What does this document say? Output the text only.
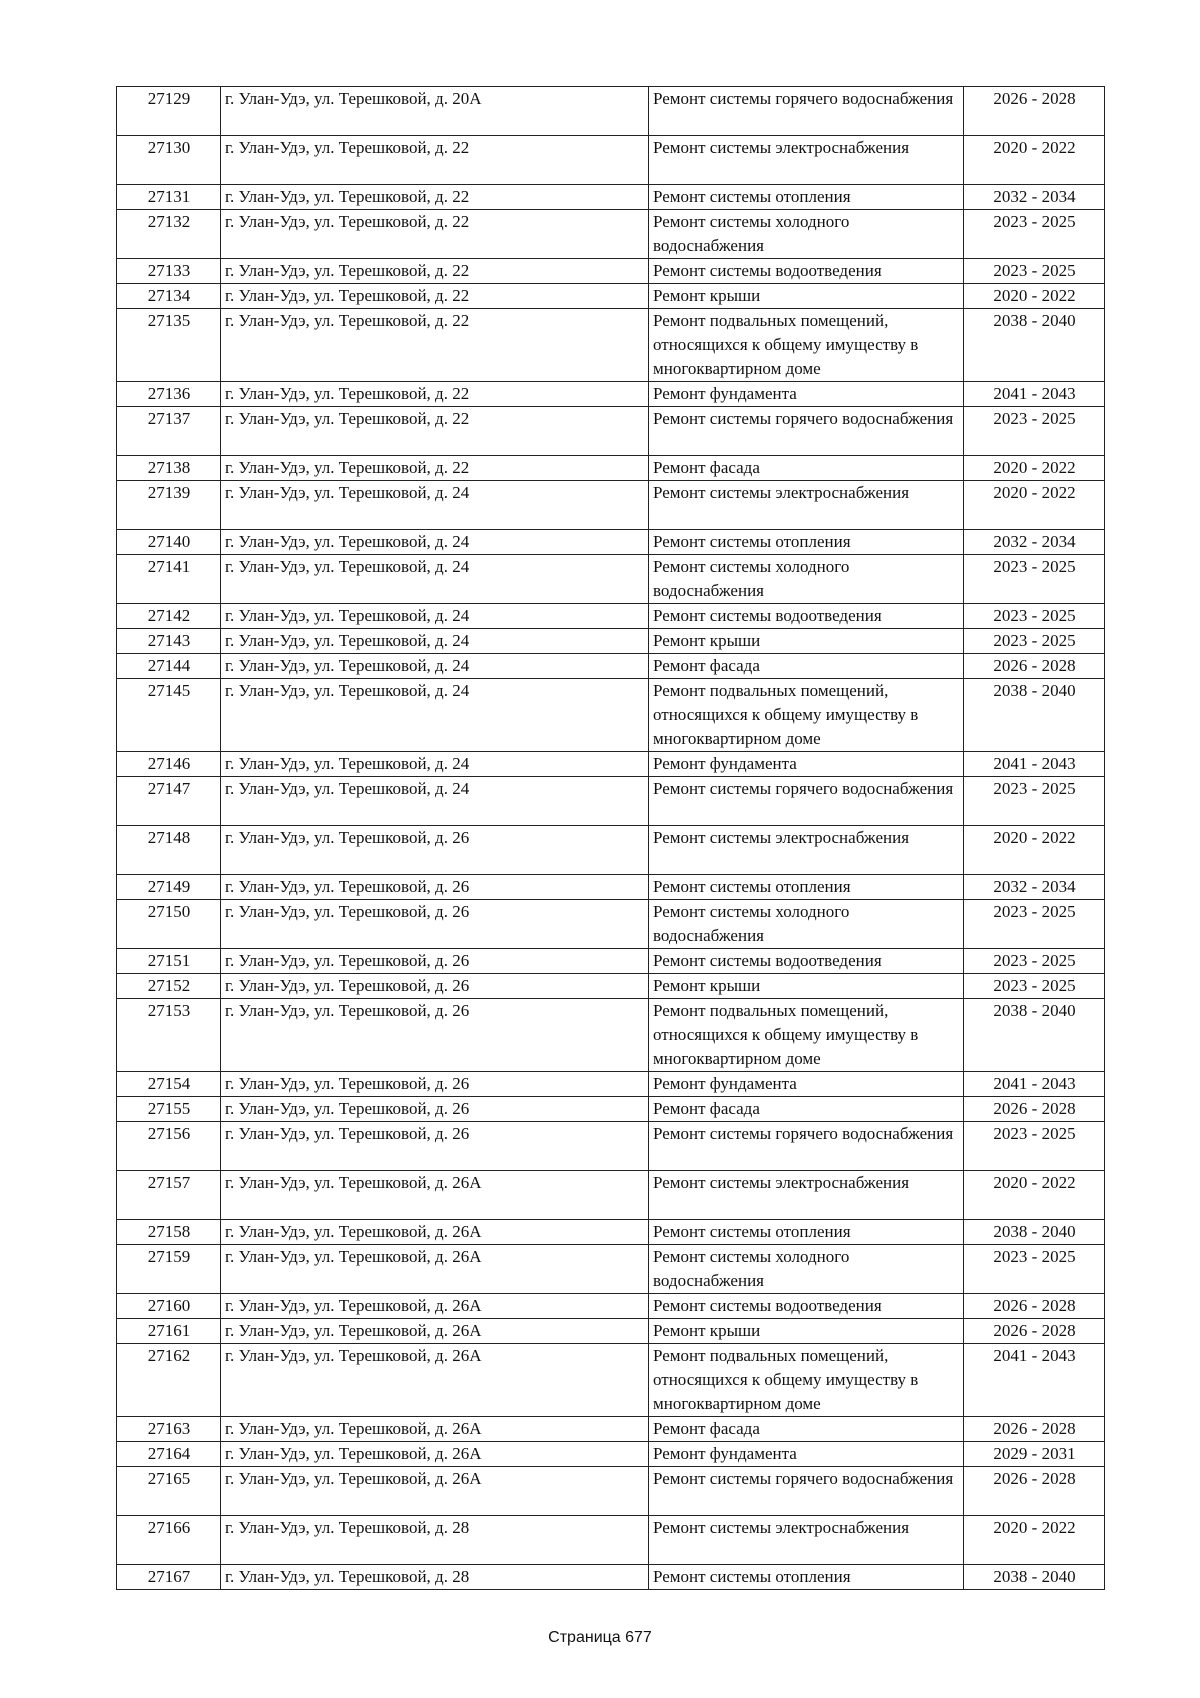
27129	г. Улан-Удэ, ул. Терешковой, д. 20А	Ремонт системы горячего водоснабжения	2026 - 2028
27130	г. Улан-Удэ, ул. Терешковой, д. 22	Ремонт системы электроснабжения	2020 - 2022
27131	г. Улан-Удэ, ул. Терешковой, д. 22	Ремонт системы отопления	2032 - 2034
27132	г. Улан-Удэ, ул. Терешковой, д. 22	Ремонт системы холодного водоснабжения	2023 - 2025
27133	г. Улан-Удэ, ул. Терешковой, д. 22	Ремонт системы водоотведения	2023 - 2025
27134	г. Улан-Удэ, ул. Терешковой, д. 22	Ремонт крыши	2020 - 2022
27135	г. Улан-Удэ, ул. Терешковой, д. 22	Ремонт подвальных помещений, относящихся к общему имуществу в многоквартирном доме	2038 - 2040
27136	г. Улан-Удэ, ул. Терешковой, д. 22	Ремонт фундамента	2041 - 2043
27137	г. Улан-Удэ, ул. Терешковой, д. 22	Ремонт системы горячего водоснабжения	2023 - 2025
27138	г. Улан-Удэ, ул. Терешковой, д. 22	Ремонт фасада	2020 - 2022
27139	г. Улан-Удэ, ул. Терешковой, д. 24	Ремонт системы электроснабжения	2020 - 2022
27140	г. Улан-Удэ, ул. Терешковой, д. 24	Ремонт системы отопления	2032 - 2034
27141	г. Улан-Удэ, ул. Терешковой, д. 24	Ремонт системы холодного водоснабжения	2023 - 2025
27142	г. Улан-Удэ, ул. Терешковой, д. 24	Ремонт системы водоотведения	2023 - 2025
27143	г. Улан-Удэ, ул. Терешковой, д. 24	Ремонт крыши	2023 - 2025
27144	г. Улан-Удэ, ул. Терешковой, д. 24	Ремонт фасада	2026 - 2028
27145	г. Улан-Удэ, ул. Терешковой, д. 24	Ремонт подвальных помещений, относящихся к общему имуществу в многоквартирном доме	2038 - 2040
27146	г. Улан-Удэ, ул. Терешковой, д. 24	Ремонт фундамента	2041 - 2043
27147	г. Улан-Удэ, ул. Терешковой, д. 24	Ремонт системы горячего водоснабжения	2023 - 2025
27148	г. Улан-Удэ, ул. Терешковой, д. 26	Ремонт системы электроснабжения	2020 - 2022
27149	г. Улан-Удэ, ул. Терешковой, д. 26	Ремонт системы отопления	2032 - 2034
27150	г. Улан-Удэ, ул. Терешковой, д. 26	Ремонт системы холодного водоснабжения	2023 - 2025
27151	г. Улан-Удэ, ул. Терешковой, д. 26	Ремонт системы водоотведения	2023 - 2025
27152	г. Улан-Удэ, ул. Терешковой, д. 26	Ремонт крыши	2023 - 2025
27153	г. Улан-Удэ, ул. Терешковой, д. 26	Ремонт подвальных помещений, относящихся к общему имуществу в многоквартирном доме	2038 - 2040
27154	г. Улан-Удэ, ул. Терешковой, д. 26	Ремонт фундамента	2041 - 2043
27155	г. Улан-Удэ, ул. Терешковой, д. 26	Ремонт фасада	2026 - 2028
27156	г. Улан-Удэ, ул. Терешковой, д. 26	Ремонт системы горячего водоснабжения	2023 - 2025
27157	г. Улан-Удэ, ул. Терешковой, д. 26А	Ремонт системы электроснабжения	2020 - 2022
27158	г. Улан-Удэ, ул. Терешковой, д. 26А	Ремонт системы отопления	2038 - 2040
27159	г. Улан-Удэ, ул. Терешковой, д. 26А	Ремонт системы холодного водоснабжения	2023 - 2025
27160	г. Улан-Удэ, ул. Терешковой, д. 26А	Ремонт системы водоотведения	2026 - 2028
27161	г. Улан-Удэ, ул. Терешковой, д. 26А	Ремонт крыши	2026 - 2028
27162	г. Улан-Удэ, ул. Терешковой, д. 26А	Ремонт подвальных помещений, относящихся к общему имуществу в многоквартирном доме	2041 - 2043
27163	г. Улан-Удэ, ул. Терешковой, д. 26А	Ремонт фасада	2026 - 2028
27164	г. Улан-Удэ, ул. Терешковой, д. 26А	Ремонт фундамента	2029 - 2031
27165	г. Улан-Удэ, ул. Терешковой, д. 26А	Ремонт системы горячего водоснабжения	2026 - 2028
27166	г. Улан-Удэ, ул. Терешковой, д. 28	Ремонт системы электроснабжения	2020 - 2022
27167	г. Улан-Удэ, ул. Терешковой, д. 28	Ремонт системы отопления	2038 - 2040
Страница 677
